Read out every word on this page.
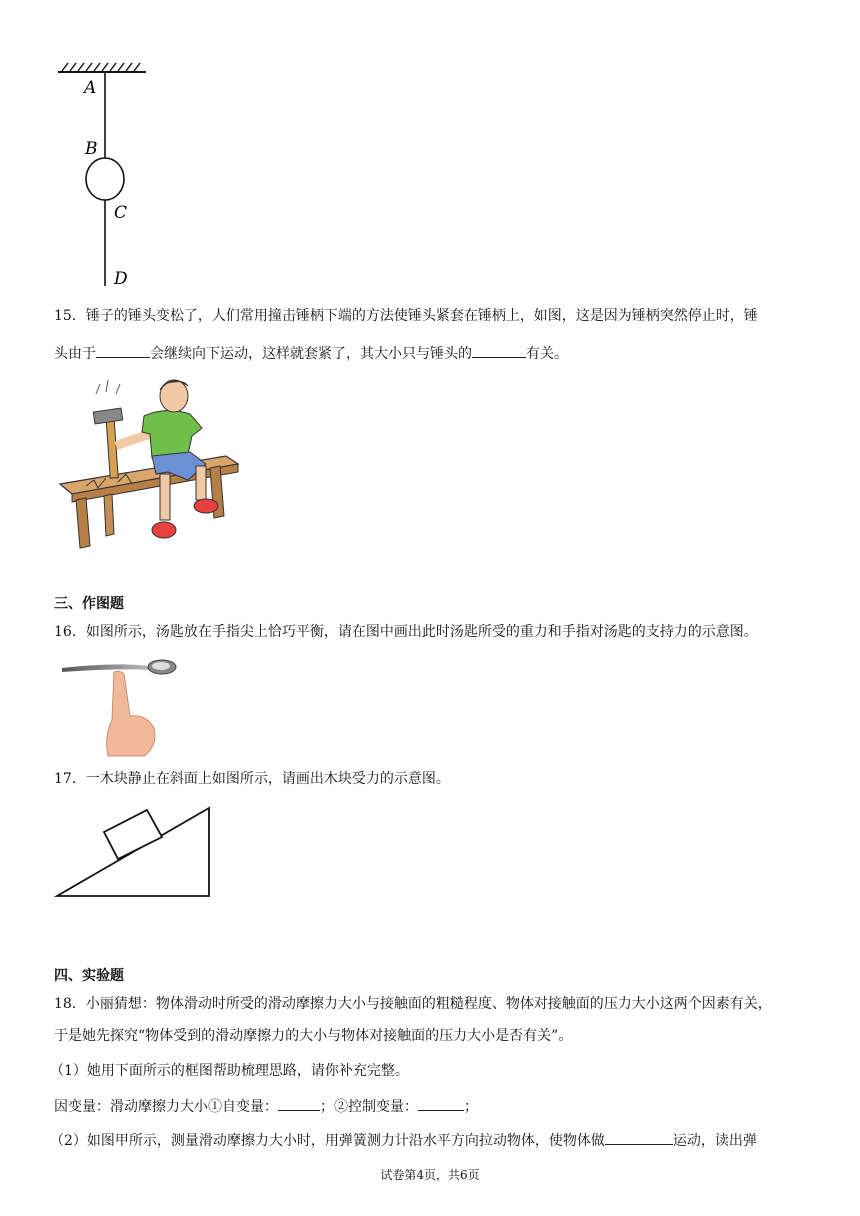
A
B
C
D
15．锤子的锤头变松了，人们常用撞击锤柄下端的方法使锤头紧套在锤柄上，如图，这是因为锤柄突然停止时，锤
头由于	会继续向下运动，这样就套紧了，其大小只与锤头的	有关。
三、作图题
16．如图所示，汤匙放在手指尖上恰巧平衡，请在图中画出此时汤匙所受的重力和手指对汤匙的支持力的示意图。
17．一木块静止在斜面上如图所示，请画出木块受力的示意图。
四、实验题
18．小丽猜想：物体滑动时所受的滑动摩擦力大小与接触面的粗糙程度、物体对接触面的压力大小这两个因素有关，
于是她先探究“物体受到的滑动摩擦力的大小与物体对接触面的压力大小是否有关”。
（1）她用下面所示的框图帮助梳理思路，请你补充完整。
因变量：滑动摩擦力大小①自变量：	；②控制变量：	；
（2）如图甲所示，测量滑动摩擦力大小时，用弹簧测力计沿水平方向拉动物体，使物体做	运动，读出弹
试卷第4页，共6页
